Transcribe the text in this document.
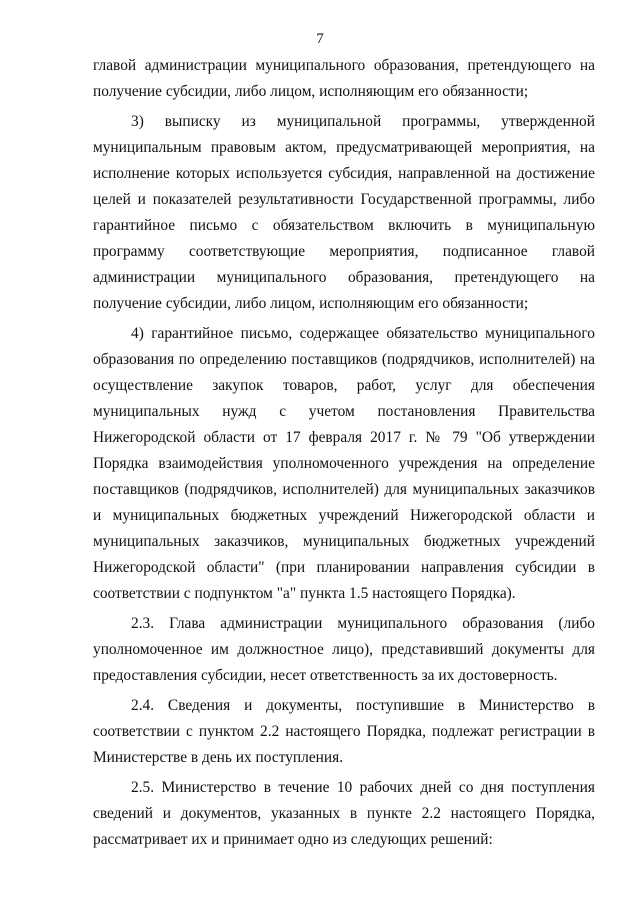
7

главой администрации муниципального образования, претендующего на получение субсидии, либо лицом, исполняющим его обязанности;

3) выписку из муниципальной программы, утвержденной муниципальным правовым актом, предусматривающей мероприятия, на исполнение которых используется субсидия, направленной на достижение целей и показателей результативности Государственной программы, либо гарантийное письмо с обязательством включить в муниципальную программу соответствующие мероприятия, подписанное главой администрации муниципального образования, претендующего на получение субсидии, либо лицом, исполняющим его обязанности;

4) гарантийное письмо, содержащее обязательство муниципального образования по определению поставщиков (подрядчиков, исполнителей) на осуществление закупок товаров, работ, услуг для обеспечения муниципальных нужд с учетом постановления Правительства Нижегородской области от 17 февраля 2017 г. № 79 "Об утверждении Порядка взаимодействия уполномоченного учреждения на определение поставщиков (подрядчиков, исполнителей) для муниципальных заказчиков и муниципальных бюджетных учреждений Нижегородской области и муниципальных заказчиков, муниципальных бюджетных учреждений Нижегородской области" (при планировании направления субсидии в соответствии с подпунктом "а" пункта 1.5 настоящего Порядка).

2.3. Глава администрации муниципального образования (либо уполномоченное им должностное лицо), представивший документы для предоставления субсидии, несет ответственность за их достоверность.

2.4. Сведения и документы, поступившие в Министерство в соответствии с пунктом 2.2 настоящего Порядка, подлежат регистрации в Министерстве в день их поступления.

2.5. Министерство в течение 10 рабочих дней со дня поступления сведений и документов, указанных в пункте 2.2 настоящего Порядка, рассматривает их и принимает одно из следующих решений:
